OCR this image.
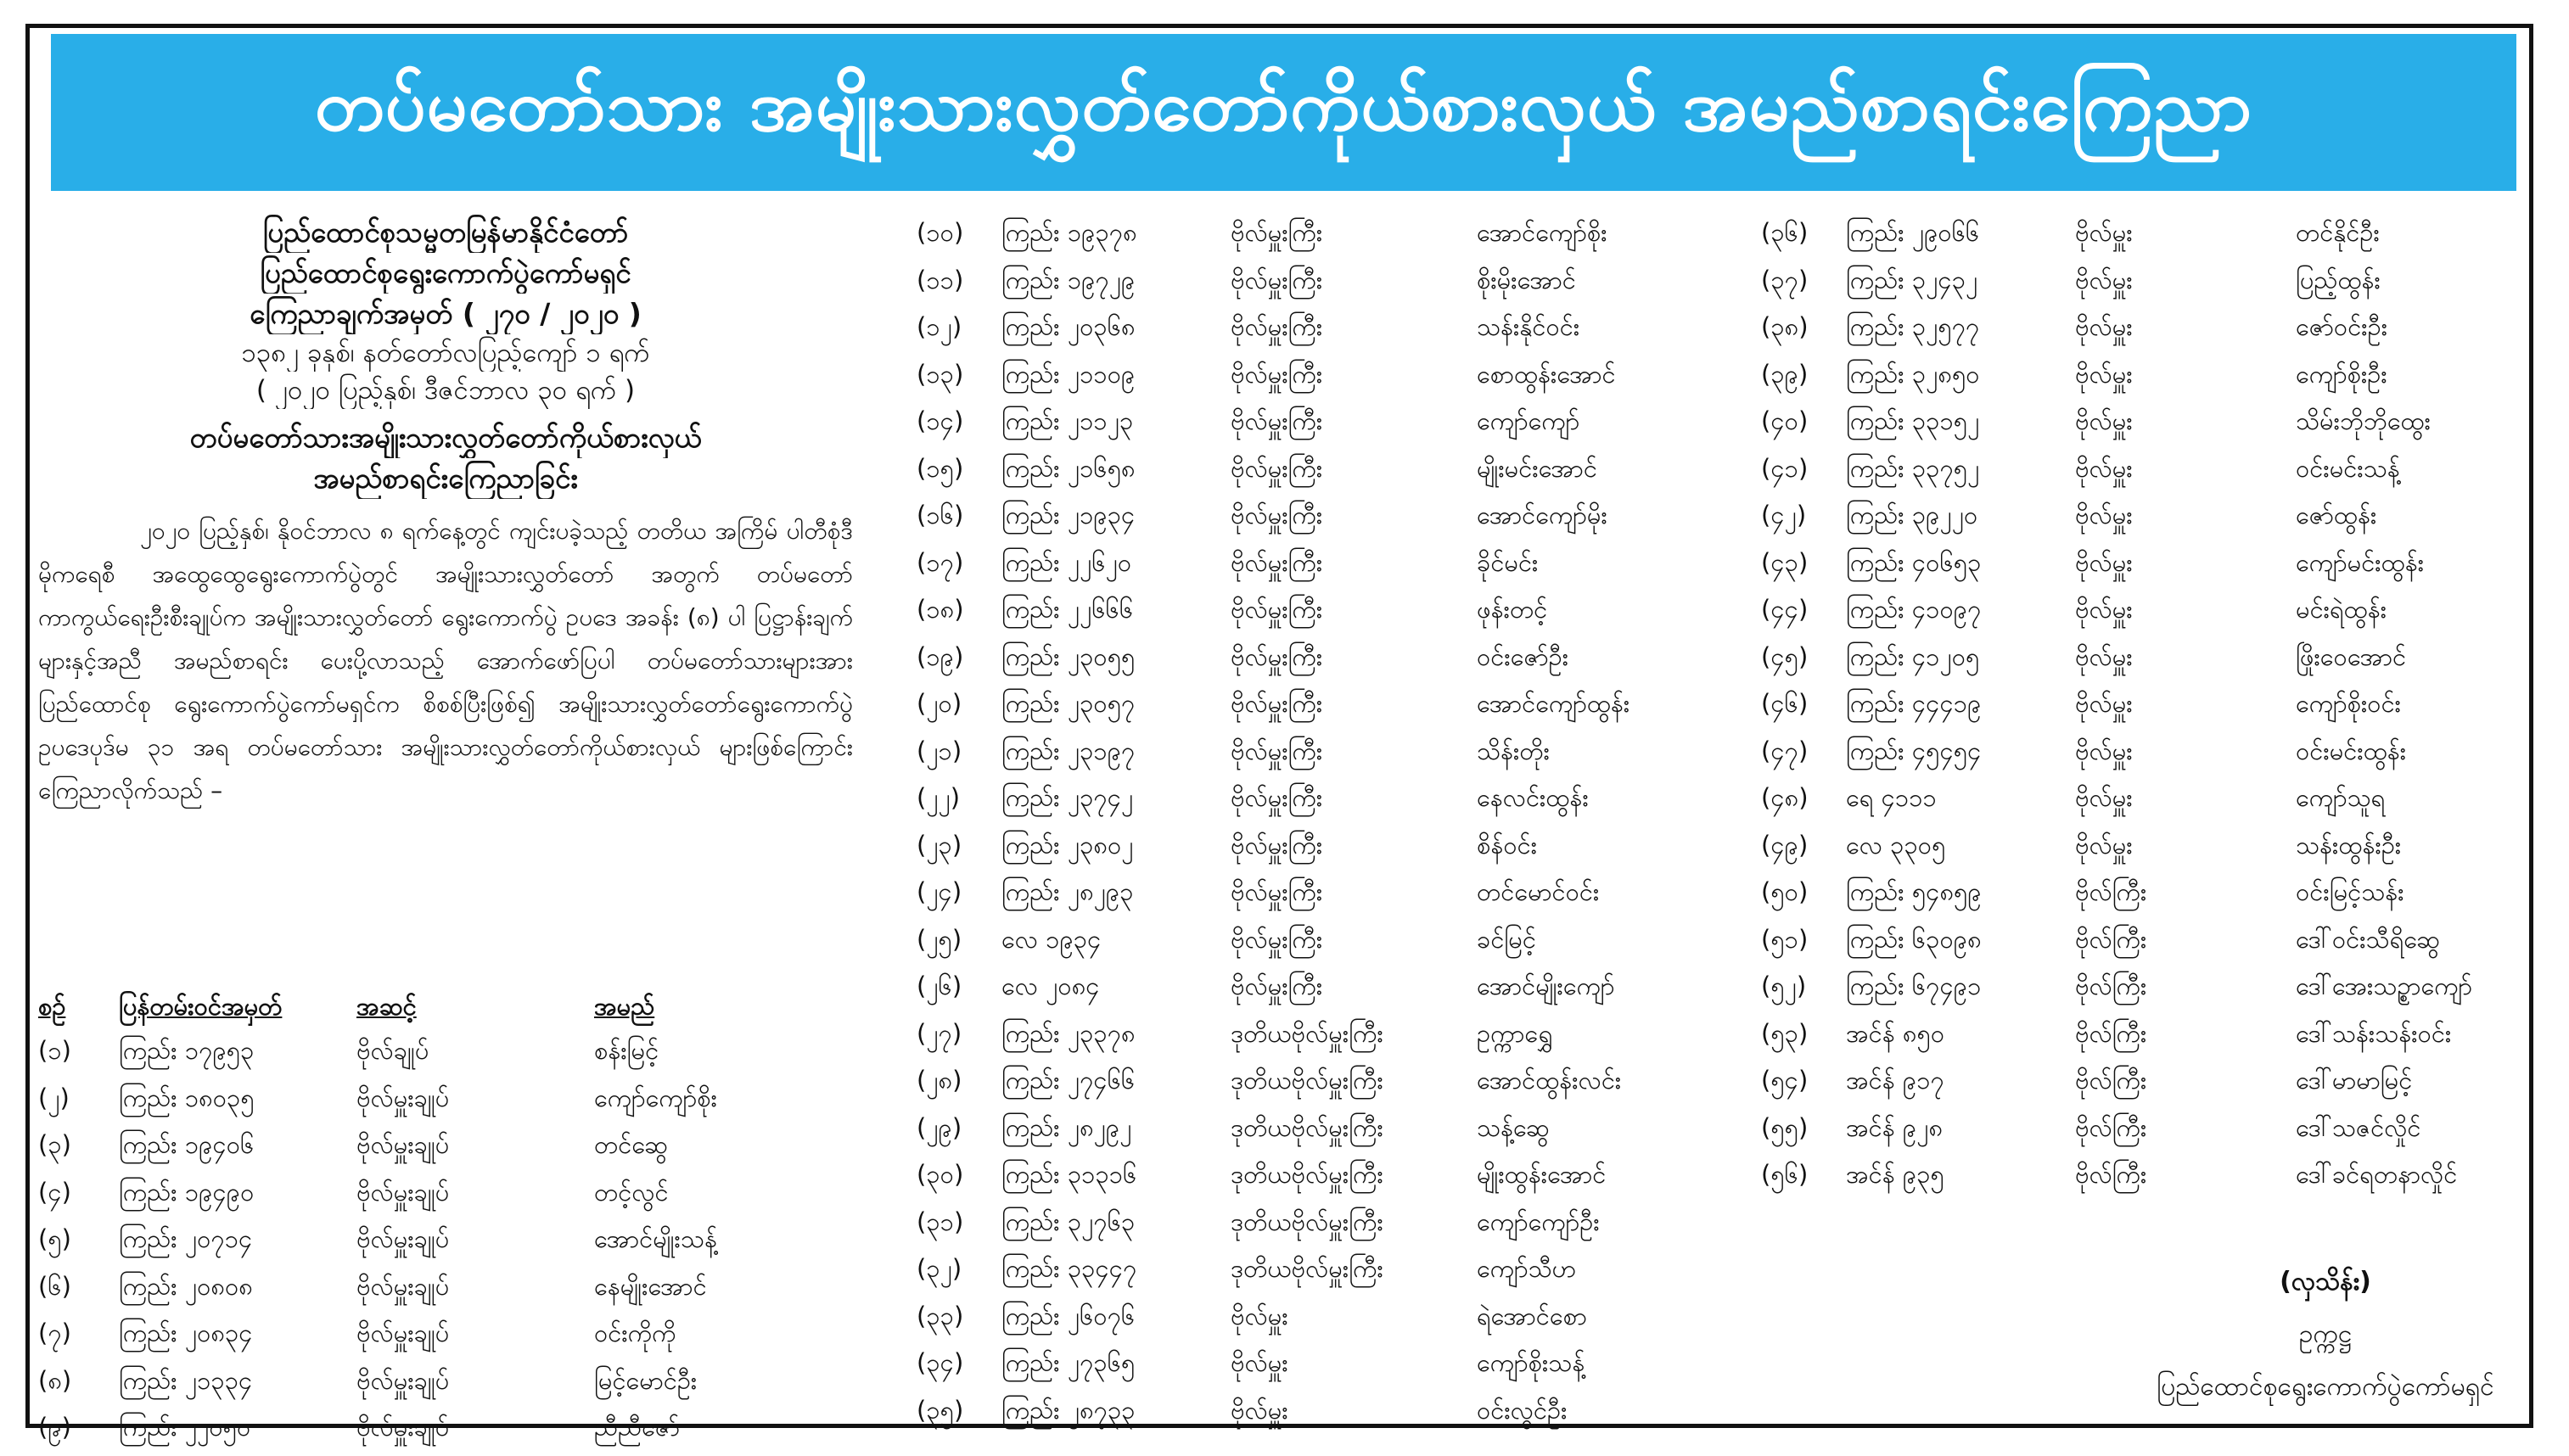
တပ်မတော်သား အမျိုးသားလွှတ်တော်ကိုယ်စားလှယ် အမည်စာရင်းကြေညာ
ပြည်ထောင်စုသမ္မတမြန်မာနိုင်ငံတော်
ပြည်ထောင်စုရွေးကောက်ပွဲကော်မရှင်
ကြေညာချက်အမှတ် ( ၂၇၀ / ၂၀၂၀ )
၁၃၈၂ ခုနှစ်၊ နတ်တော်လပြည့်ကျော် ၁ ရက်
( ၂၀၂၀ ပြည့်နှစ်၊ ဒီဇင်ဘာလ ၃၀ ရက် )
တပ်မတော်သားအမျိုးသားလွှတ်တော်ကိုယ်စားလှယ်
အမည်စာရင်းကြေညာခြင်း
၂၀၂၀ ပြည့်နှစ်၊ နိုဝင်ဘာလ ၈ ရက်နေ့တွင် ကျင်းပခဲ့သည့် တတိယ အကြိမ် ပါတီစုံဒီမိုကရေစီ အထွေထွေရွေးကောက်ပွဲတွင် အမျိုးသားလွှတ်တော် အတွက် တပ်မတော်ကာကွယ်ရေးဦးစီးချုပ်က အမျိုးသားလွှတ်တော် ရွေးကောက်ပွဲ ဥပဒေ အခန်း (၈) ပါ ပြဋ္ဌာန်းချက်များနှင့်အညီ အမည်စာရင်း ပေးပို့လာသည့် အောက်ဖော်ပြပါ တပ်မတော်သားများအား ပြည်ထောင်စု ရွေးကောက်ပွဲကော်မရှင်က စိစစ်ပြီးဖြစ်၍ အမျိုးသားလွှတ်တော်ရွေးကောက်ပွဲ ဥပဒေပုဒ်မ ၃၁ အရ တပ်မတော်သား အမျိုးသားလွှတ်တော်ကိုယ်စားလှယ် များဖြစ်ကြောင်း ကြေညာလိုက်သည် –
စဉ်	ပြန်တမ်းဝင်အမှတ်	အဆင့်	အမည်
(၁)	ကြည်း ၁၇၉၅၃	ဗိုလ်ချုပ်	စန်းမြင့်
(၂)	ကြည်း ၁၈၀၃၅	ဗိုလ်မှူးချုပ်	ကျော်ကျော်စိုး
(၃)	ကြည်း ၁၉၄၀၆	ဗိုလ်မှူးချုပ်	တင်ဆွေ
(၄)	ကြည်း ၁၉၄၉၀	ဗိုလ်မှူးချုပ်	တင့်လွင်
(၅)	ကြည်း ၂၀၇၁၄	ဗိုလ်မှူးချုပ်	အောင်မျိုးသန့်
(၆)	ကြည်း ၂၀၈၀၈	ဗိုလ်မှူးချုပ်	နေမျိုးအောင်
(၇)	ကြည်း ၂၀၈၃၄	ဗိုလ်မှူးချုပ်	ဝင်းကိုကို
(၈)	ကြည်း ၂၁၃၃၄	ဗိုလ်မှူးချုပ်	မြင့်မောင်ဦး
(၉)	ကြည်း ၂၂၀၅၀	ဗိုလ်မှူးချုပ်	ညီညီဇော်
(၁၀)	ကြည်း ၁၉၃၇၈	ဗိုလ်မှူးကြီး	အောင်ကျော်စိုး
(၁၁)	ကြည်း ၁၉၇၂၉	ဗိုလ်မှူးကြီး	စိုးမိုးအောင်
(၁၂)	ကြည်း ၂၀၃၆၈	ဗိုလ်မှူးကြီး	သန်းနိုင်ဝင်း
(၁၃)	ကြည်း ၂၁၁၀၉	ဗိုလ်မှူးကြီး	စောထွန်းအောင်
(၁၄)	ကြည်း ၂၁၁၂၃	ဗိုလ်မှူးကြီး	ကျော်ကျော်
(၁၅)	ကြည်း ၂၁၆၅၈	ဗိုလ်မှူးကြီး	မျိုးမင်းအောင်
(၁၆)	ကြည်း ၂၁၉၃၄	ဗိုလ်မှူးကြီး	အောင်ကျော်မိုး
(၁၇)	ကြည်း ၂၂၆၂၀	ဗိုလ်မှူးကြီး	ခိုင်မင်း
(၁၈)	ကြည်း ၂၂၆၆၆	ဗိုလ်မှူးကြီး	ဖုန်းတင့်
(၁၉)	ကြည်း ၂၃၀၅၅	ဗိုလ်မှူးကြီး	ဝင်းဇော်ဦး
(၂၀)	ကြည်း ၂၃၀၅၇	ဗိုလ်မှူးကြီး	အောင်ကျော်ထွန်း
(၂၁)	ကြည်း ၂၃၁၉၇	ဗိုလ်မှူးကြီး	သိန်းတိုး
(၂၂)	ကြည်း ၂၃၇၄၂	ဗိုလ်မှူးကြီး	နေလင်းထွန်း
(၂၃)	ကြည်း ၂၃၈၀၂	ဗိုလ်မှူးကြီး	စိန်ဝင်း
(၂၄)	ကြည်း ၂၈၂၉၃	ဗိုလ်မှူးကြီး	တင်မောင်ဝင်း
(၂၅)	လေ ၁၉၃၄	ဗိုလ်မှူးကြီး	ခင်မြင့်
(၂၆)	လေ ၂၀၈၄	ဗိုလ်မှူးကြီး	အောင်မျိုးကျော်
(၂၇)	ကြည်း ၂၃၃၇၈	ဒုတိယဗိုလ်မှူးကြီး	ဥက္ကာရွှေ
(၂၈)	ကြည်း ၂၇၄၆၆	ဒုတိယဗိုလ်မှူးကြီး	အောင်ထွန်းလင်း
(၂၉)	ကြည်း ၂၈၂၉၂	ဒုတိယဗိုလ်မှူးကြီး	သန့်ဆွေ
(၃၀)	ကြည်း ၃၁၃၁၆	ဒုတိယဗိုလ်မှူးကြီး	မျိုးထွန်းအောင်
(၃၁)	ကြည်း ၃၂၇၆၃	ဒုတိယဗိုလ်မှူးကြီး	ကျော်ကျော်ဦး
(၃၂)	ကြည်း ၃၃၄၄၇	ဒုတိယဗိုလ်မှူးကြီး	ကျော်သီဟ
(၃၃)	ကြည်း ၂၆၀၇၆	ဗိုလ်မှူး	ရဲအောင်စော
(၃၄)	ကြည်း ၂၇၃၆၅	ဗိုလ်မှူး	ကျော်စိုးသန့်
(၃၅)	ကြည်း ၂၈၇၃၃	ဗိုလ်မှူး	ဝင်းလွင်ဦး
(၃၆)	ကြည်း ၂၉၀၆၆	ဗိုလ်မှူး	တင်နိုင်ဦး
(၃၇)	ကြည်း ၃၂၄၃၂	ဗိုလ်မှူး	ပြည့်ထွန်း
(၃၈)	ကြည်း ၃၂၅၇၇	ဗိုလ်မှူး	ဇော်ဝင်းဦး
(၃၉)	ကြည်း ၃၂၈၅၀	ဗိုလ်မှူး	ကျော်စိုးဦး
(၄၀)	ကြည်း ၃၃၁၅၂	ဗိုလ်မှူး	သိမ်းဘိုဘိုထွေး
(၄၁)	ကြည်း ၃၃၇၅၂	ဗိုလ်မှူး	ဝင်းမင်းသန့်
(၄၂)	ကြည်း ၃၉၂၂၀	ဗိုလ်မှူး	ဇော်ထွန်း
(၄၃)	ကြည်း ၄၀၆၅၃	ဗိုလ်မှူး	ကျော်မင်းထွန်း
(၄၄)	ကြည်း ၄၁၀၉၇	ဗိုလ်မှူး	မင်းရဲထွန်း
(၄၅)	ကြည်း ၄၁၂၀၅	ဗိုလ်မှူး	ဖြိုးဝေအောင်
(၄၆)	ကြည်း ၄၄၄၁၉	ဗိုလ်မှူး	ကျော်စိုးဝင်း
(၄၇)	ကြည်း ၄၅၄၅၄	ဗိုလ်မှူး	ဝင်းမင်းထွန်း
(၄၈)	ရေ ၄၁၁၁	ဗိုလ်မှူး	ကျော်သူရ
(၄၉)	လေ ၃၃၀၅	ဗိုလ်မှူး	သန်းထွန်းဦး
(၅၀)	ကြည်း ၅၄၈၅၉	ဗိုလ်ကြီး	ဝင်းမြင့်သန်း
(၅၁)	ကြည်း ၆၃၀၉၈	ဗိုလ်ကြီး	ဒေါ်ဝင်းသီရိဆွေ
(၅၂)	ကြည်း ၆၇၄၉၁	ဗိုလ်ကြီး	ဒေါ်အေးသဥ္စာကျော်
(၅၃)	အင်န် ၈၅၀	ဗိုလ်ကြီး	ဒေါ်သန်းသန်းဝင်း
(၅၄)	အင်န် ၉၁၇	ဗိုလ်ကြီး	ဒေါ်မာမာမြင့်
(၅၅)	အင်န် ၉၂၈	ဗိုလ်ကြီး	ဒေါ်သဇင်လှိုင်
(၅၆)	အင်န် ၉၃၅	ဗိုလ်ကြီး	ဒေါ်ခင်ရတနာလှိုင်
(လှသိန်း)
ဥက္ကဋ္ဌ
ပြည်ထောင်စုရွေးကောက်ပွဲကော်မရှင်
